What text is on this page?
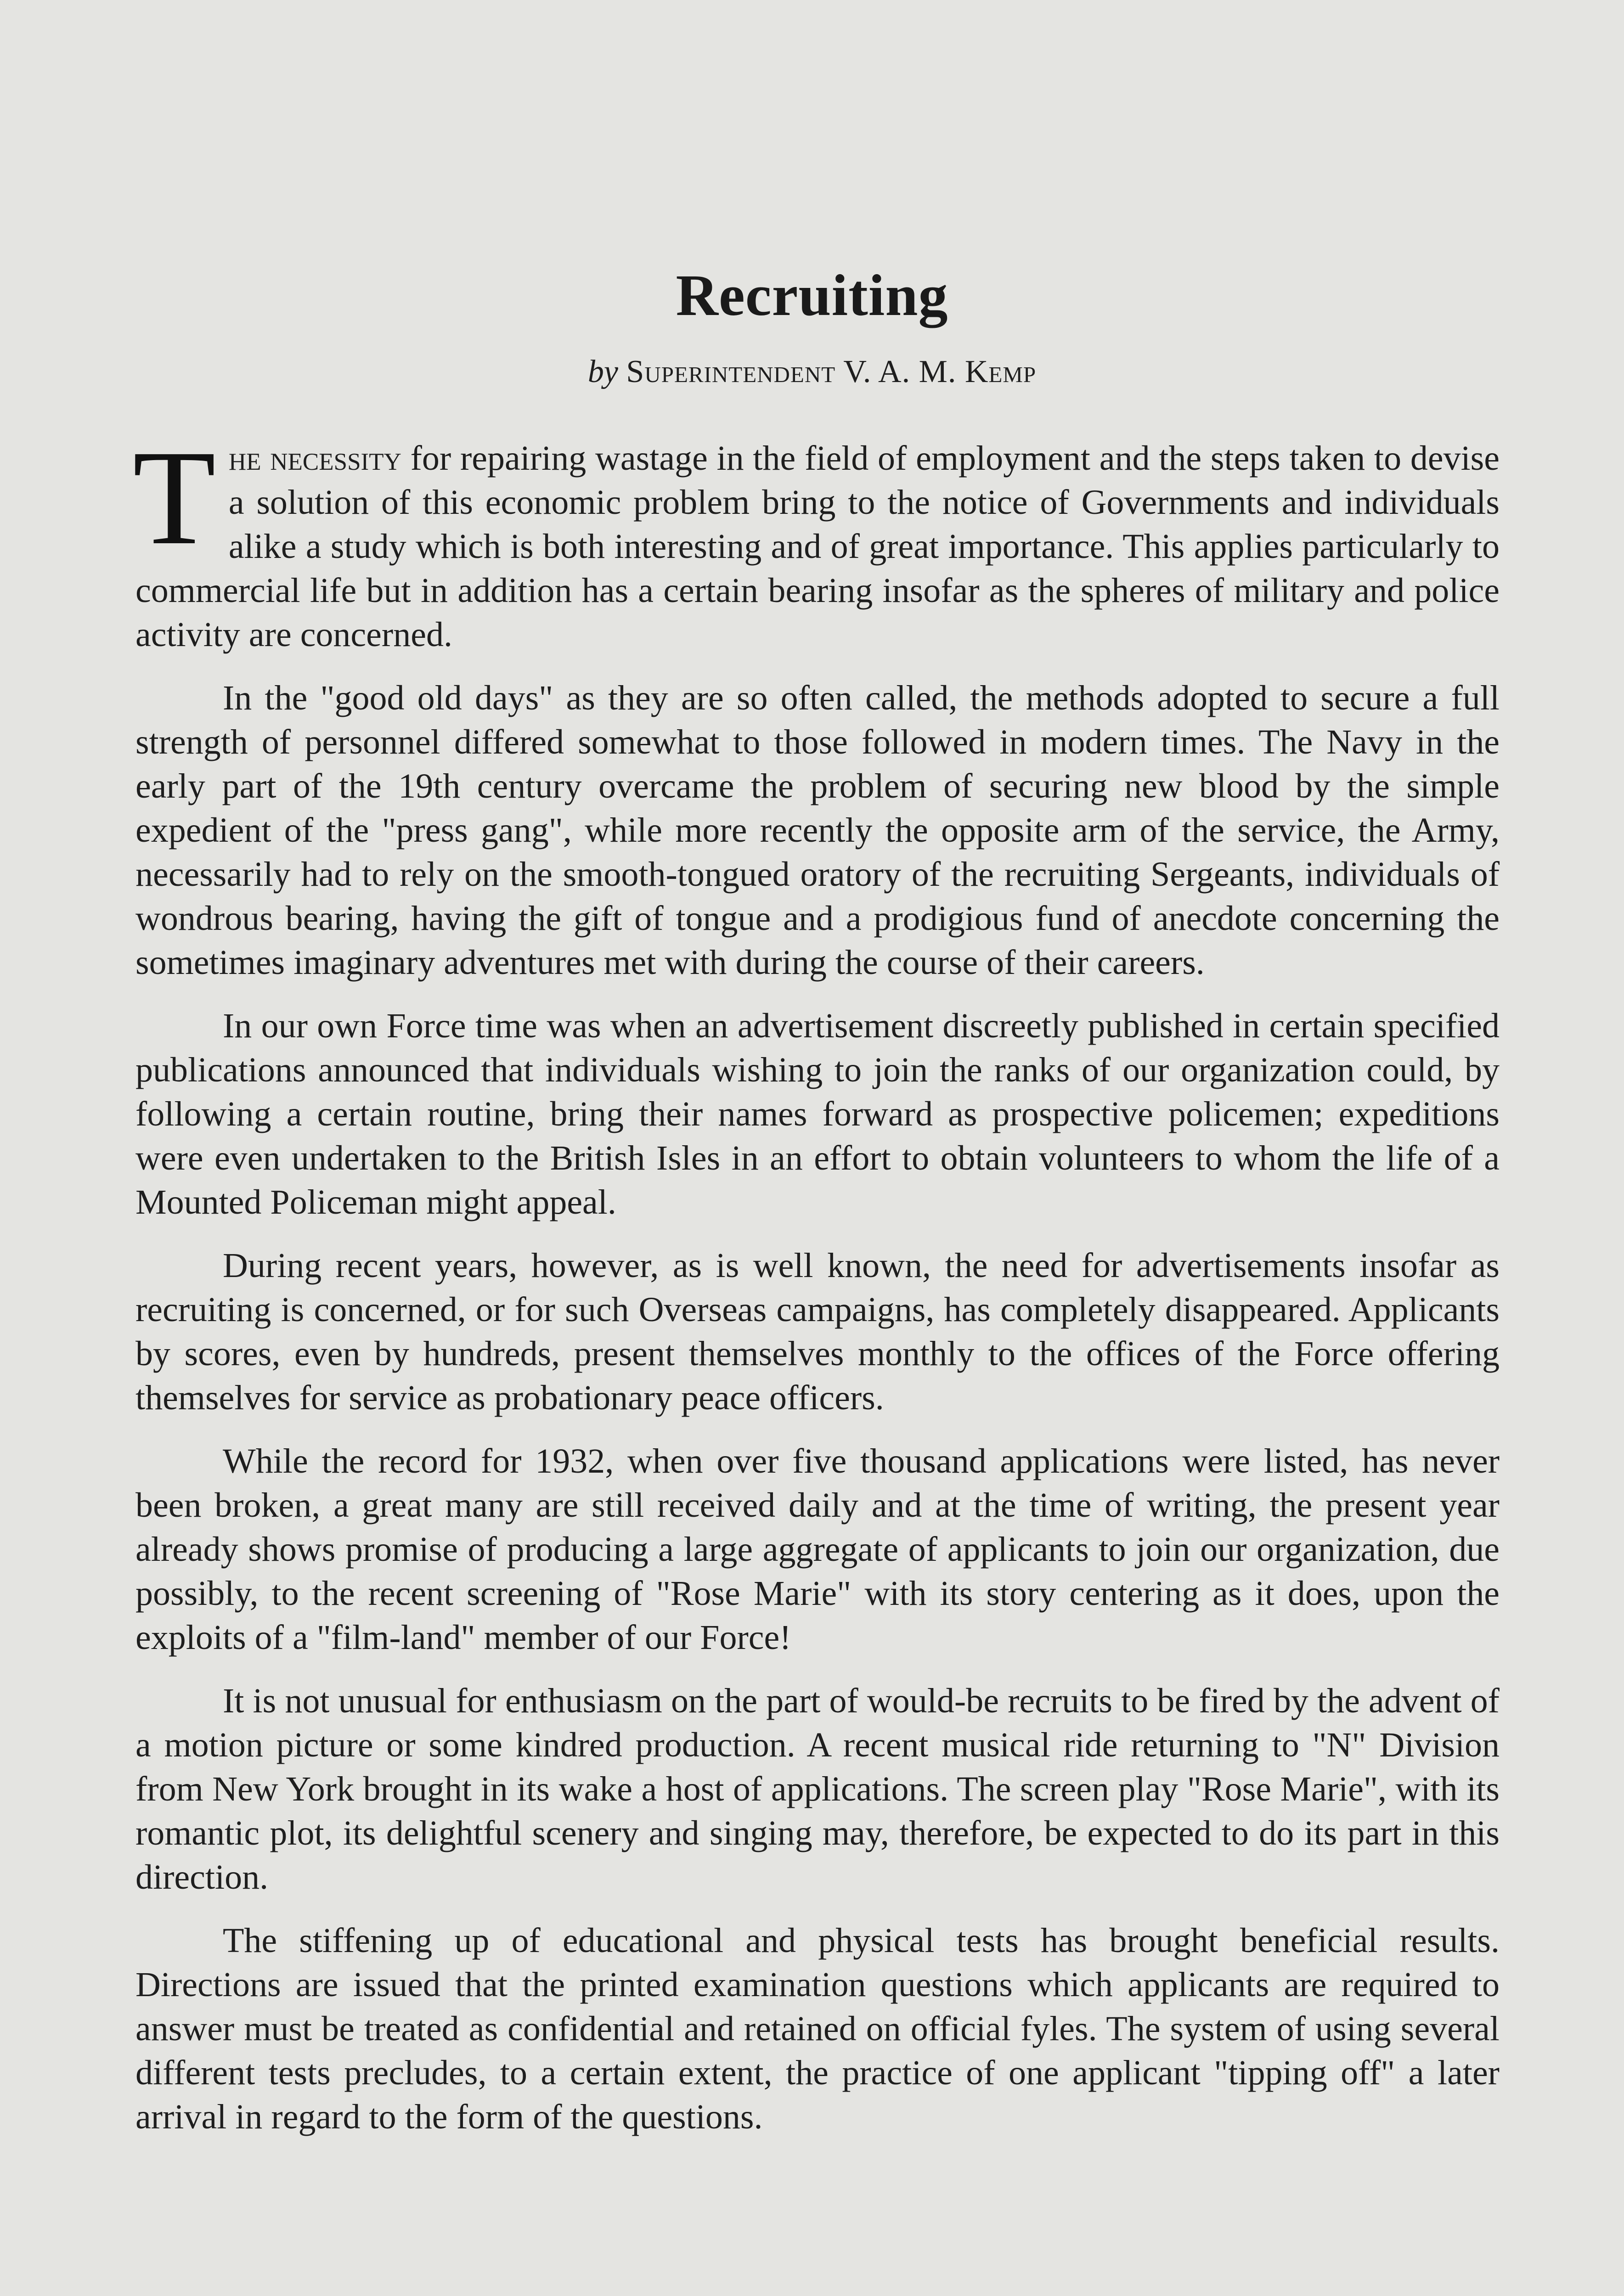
Recruiting

by Superintendent V. A. M. Kemp

The necessity for repairing wastage in the field of employment and the steps taken to devise a solution of this economic problem bring to the notice of Governments and individuals alike a study which is both interesting and of great importance. This applies particularly to commercial life but in addition has a certain bearing insofar as the spheres of military and police activity are concerned.

In the "good old days" as they are so often called, the methods adopted to secure a full strength of personnel differed somewhat to those followed in modern times. The Navy in the early part of the 19th century overcame the problem of securing new blood by the simple expedient of the "press gang", while more recently the opposite arm of the service, the Army, necessarily had to rely on the smooth-tongued oratory of the recruiting Sergeants, individuals of wondrous bearing, having the gift of tongue and a prodigious fund of anecdote concerning the sometimes imaginary adventures met with during the course of their careers.

In our own Force time was when an advertisement discreetly published in certain specified publications announced that individuals wishing to join the ranks of our organization could, by following a certain routine, bring their names forward as prospective policemen; expeditions were even undertaken to the British Isles in an effort to obtain volunteers to whom the life of a Mounted Policeman might appeal.

During recent years, however, as is well known, the need for advertisements insofar as recruiting is concerned, or for such Overseas campaigns, has completely disappeared. Applicants by scores, even by hundreds, present themselves monthly to the offices of the Force offering themselves for service as probationary peace officers.

While the record for 1932, when over five thousand applications were listed, has never been broken, a great many are still received daily and at the time of writing, the present year already shows promise of producing a large aggregate of applicants to join our organization, due possibly, to the recent screening of "Rose Marie" with its story centering as it does, upon the exploits of a "film-land" member of our Force!

It is not unusual for enthusiasm on the part of would-be recruits to be fired by the advent of a motion picture or some kindred production. A recent musical ride returning to "N" Division from New York brought in its wake a host of applications. The screen play "Rose Marie", with its romantic plot, its delightful scenery and singing may, therefore, be expected to do its part in this direction.

The stiffening up of educational and physical tests has brought beneficial results. Directions are issued that the printed examination questions which applicants are required to answer must be treated as confidential and retained on official fyles. The system of using several different tests precludes, to a certain extent, the practice of one applicant "tipping off" a later arrival in regard to the form of the questions.
